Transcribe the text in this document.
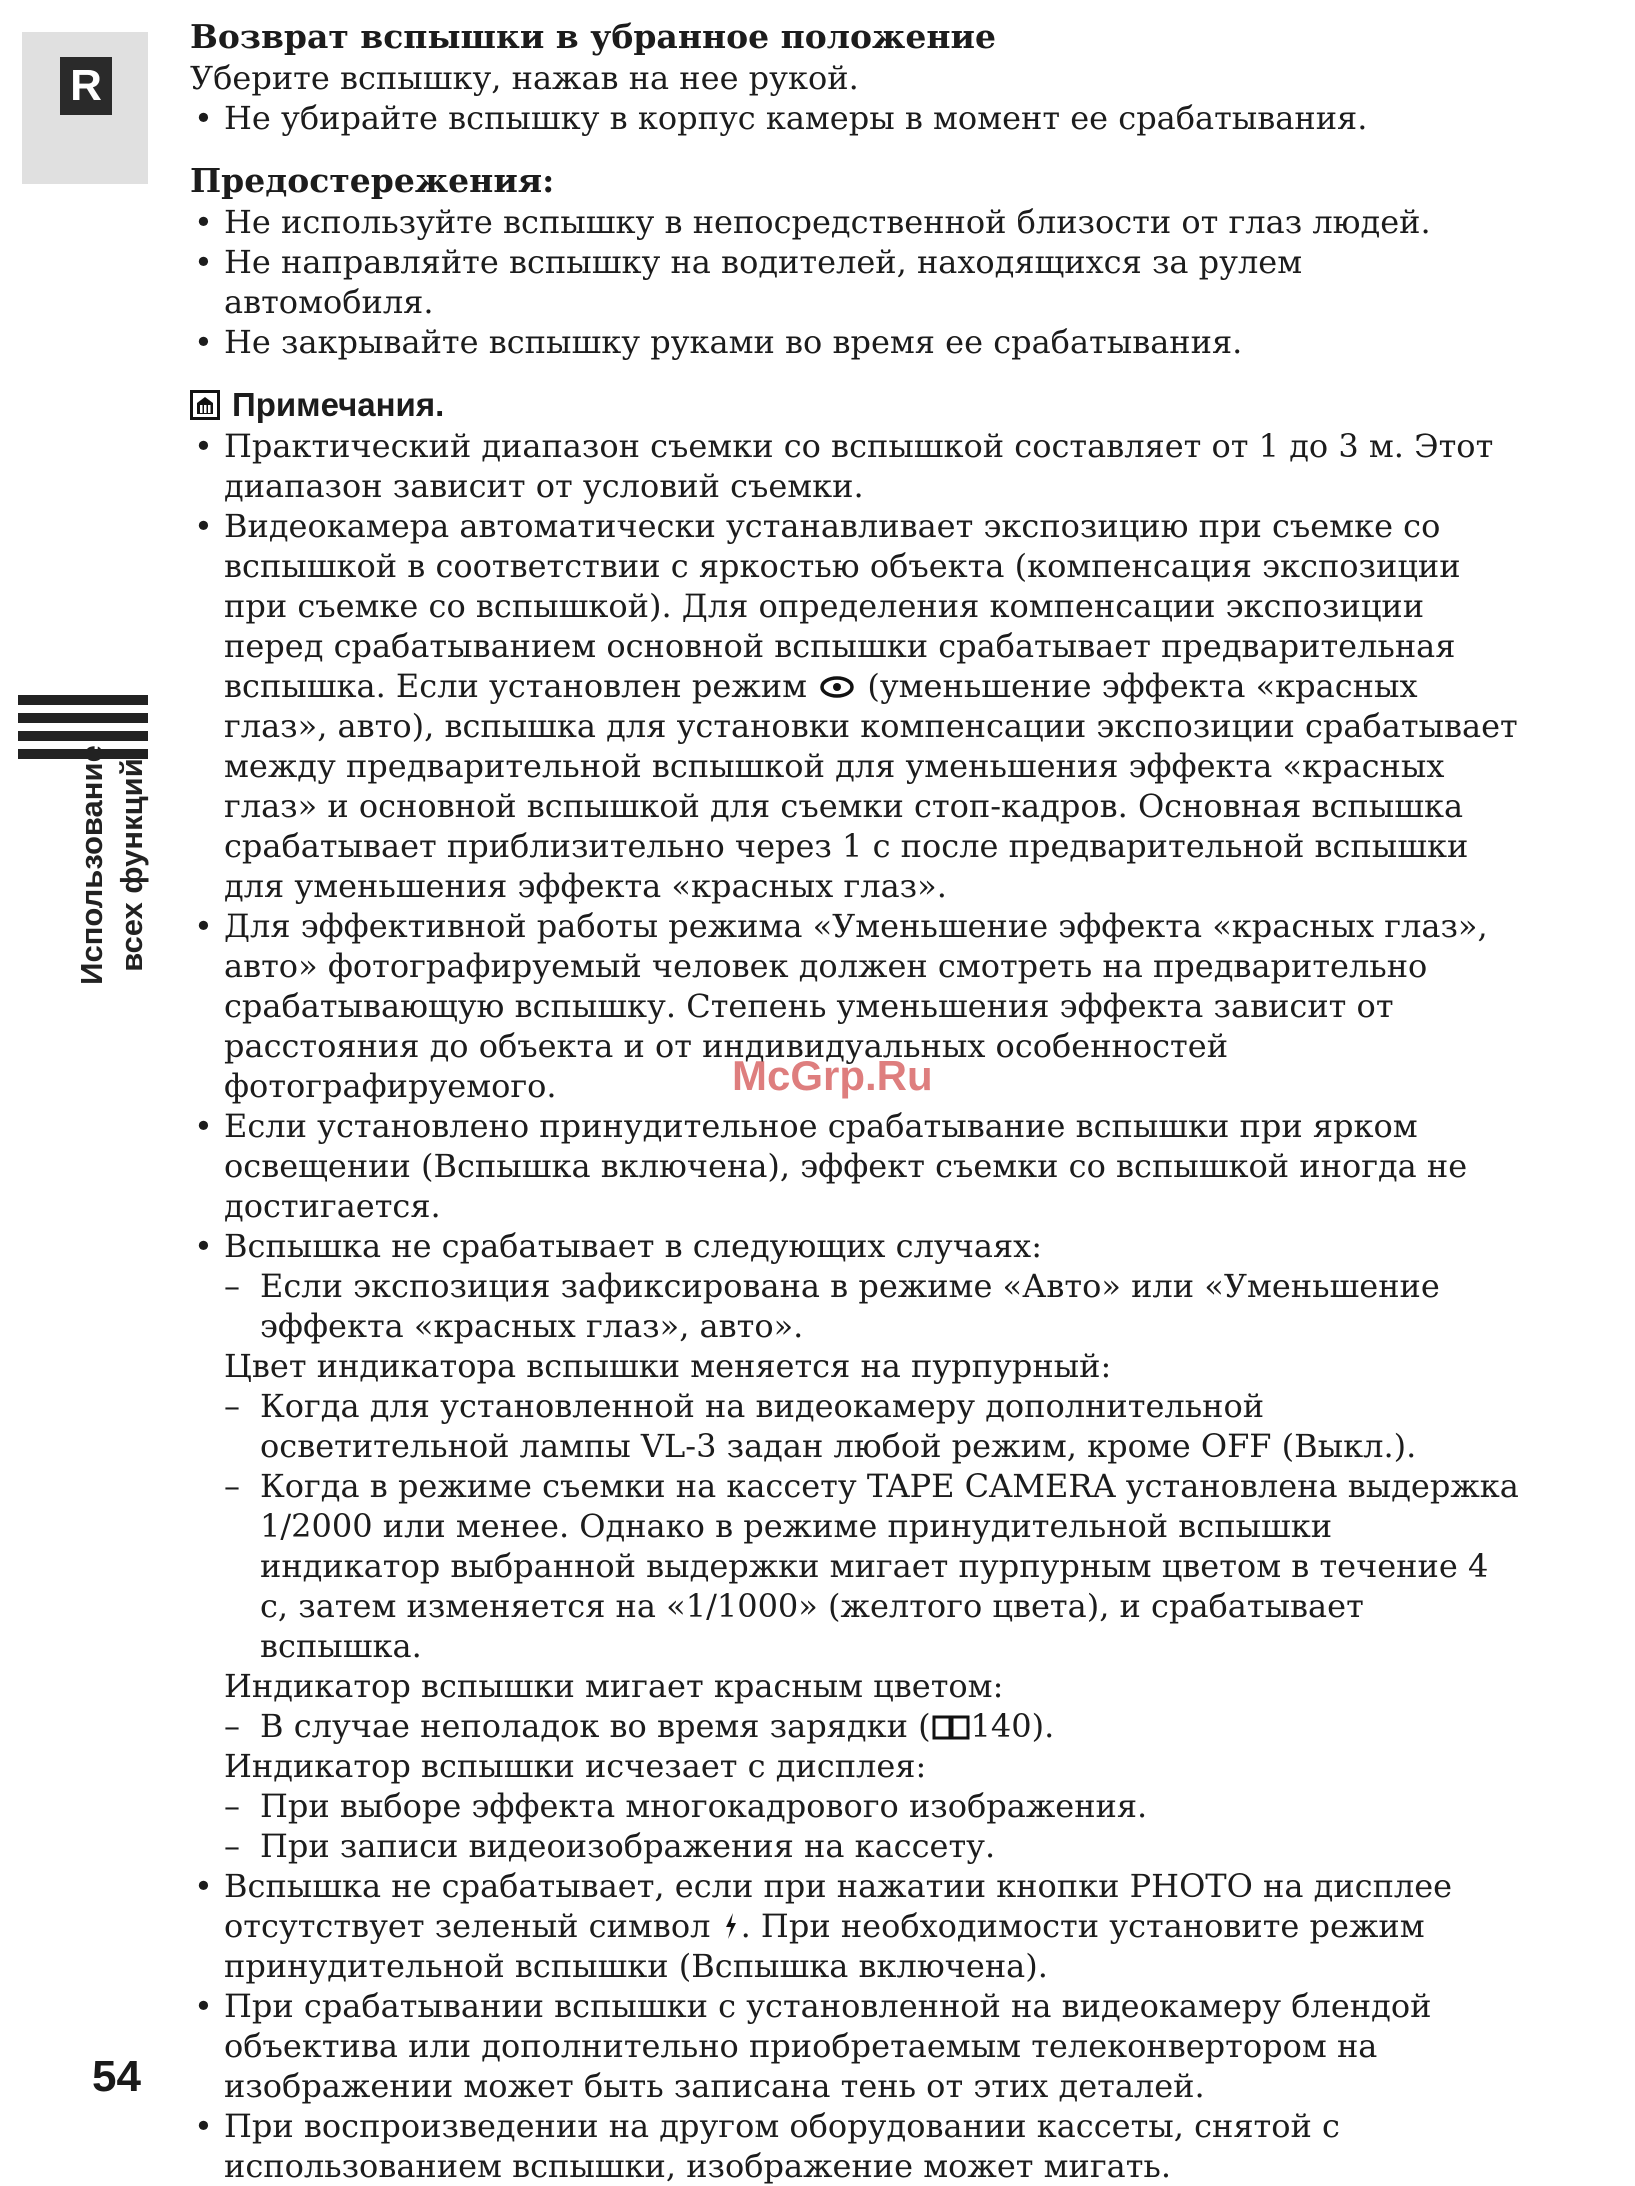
R
Использование всех функций
54
McGrp.Ru
Возврат вспышки в убранное положение

Уберите вспышку, нажав на нее рукой.

• Не убирайте вспышку в корпус камеры в момент ее срабатывания.
Предостережения:
• Не используйте вспышку в непосредственной близости от глаз людей.
• Не направляйте вспышку на водителей, находящихся за рулем автомобиля.
• Не закрывайте вспышку руками во время ее срабатывания.
Примечания.
• Практический диапазон съемки со вспышкой составляет от 1 до 3 м. Этот диапазон зависит от условий съемки.
• Видеокамера автоматически устанавливает экспозицию при съемке со вспышкой в соответствии с яркостью объекта (компенсация экспозиции при съемке со вспышкой). Для определения компенсации экспозиции перед срабатыванием основной вспышки срабатывает предварительная вспышка. Если установлен режим (уменьшение эффекта «красных глаз», авто), вспышка для установки компенсации экспозиции срабатывает между предварительной вспышкой для уменьшения эффекта «красных глаз» и основной вспышкой для съемки стоп-кадров. Основная вспышка срабатывает приблизительно через 1 с после предварительной вспышки для уменьшения эффекта «красных глаз».
• Для эффективной работы режима «Уменьшение эффекта «красных глаз», авто» фотографируемый человек должен смотреть на предварительно срабатывающую вспышку. Степень уменьшения эффекта зависит от расстояния до объекта и от индивидуальных особенностей фотографируемого.
• Если установлено принудительное срабатывание вспышки при ярком освещении (Вспышка включена), эффект съемки со вспышкой иногда не достигается.
• Вспышка не срабатывает в следующих случаях:
– Если экспозиция зафиксирована в режиме «Авто» или «Уменьшение эффекта «красных глаз», авто».
Цвет индикатора вспышки меняется на пурпурный:
– Когда для установленной на видеокамеру дополнительной осветительной лампы VL-3 задан любой режим, кроме OFF (Выкл.).
– Когда в режиме съемки на кассету TAPE CAMERA установлена выдержка 1/2000 или менее. Однако в режиме принудительной вспышки индикатор выбранной выдержки мигает пурпурным цветом в течение 4 с, затем изменяется на «1/1000» (желтого цвета), и срабатывает вспышка.
Индикатор вспышки мигает красным цветом:
– В случае неполадок во время зарядки ( 140).
Индикатор вспышки исчезает с дисплея:
– При выборе эффекта многокадрового изображения.
– При записи видеоизображения на кассету.
• Вспышка не срабатывает, если при нажатии кнопки PHOTO на дисплее отсутствует зеленый символ . При необходимости установите режим принудительной вспышки (Вспышка включена).
• При срабатывании вспышки с установленной на видеокамеру блендой объектива или дополнительно приобретаемым телеконвертором на изображении может быть записана тень от этих деталей.
• При воспроизведении на другом оборудовании кассеты, снятой с использованием вспышки, изображение может мигать.
